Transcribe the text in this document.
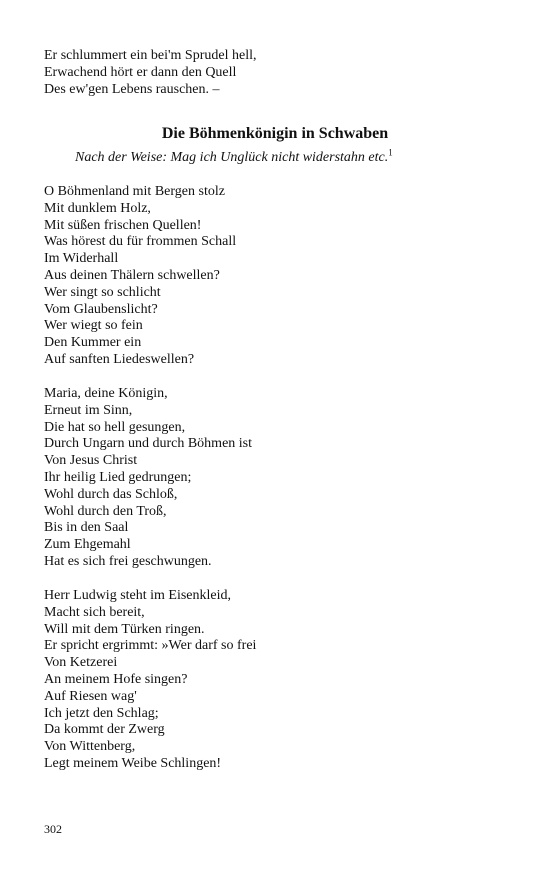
Er schlummert ein bei'm Sprudel hell,
Erwachend hört er dann den Quell
Des ew'gen Lebens rauschen. –
Die Böhmenkönigin in Schwaben
Nach der Weise: Mag ich Unglück nicht widerstahn etc.$^1$
O Böhmenland mit Bergen stolz
Mit dunklem Holz,
Mit süßen frischen Quellen!
Was hörest du für frommen Schall
Im Widerhall
Aus deinen Thälern schwellen?
Wer singt so schlicht
Vom Glaubenslicht?
Wer wiegt so fein
Den Kummer ein
Auf sanften Liedeswellen?
Maria, deine Königin,
Erneut im Sinn,
Die hat so hell gesungen,
Durch Ungarn und durch Böhmen ist
Von Jesus Christ
Ihr heilig Lied gedrungen;
Wohl durch das Schloß,
Wohl durch den Troß,
Bis in den Saal
Zum Ehgemahl
Hat es sich frei geschwungen.
Herr Ludwig steht im Eisenkleid,
Macht sich bereit,
Will mit dem Türken ringen.
Er spricht ergrimmt: »Wer darf so frei
Von Ketzerei
An meinem Hofe singen?
Auf Riesen wag'
Ich jetzt den Schlag;
Da kommt der Zwerg
Von Wittenberg,
Legt meinem Weibe Schlingen!
302
